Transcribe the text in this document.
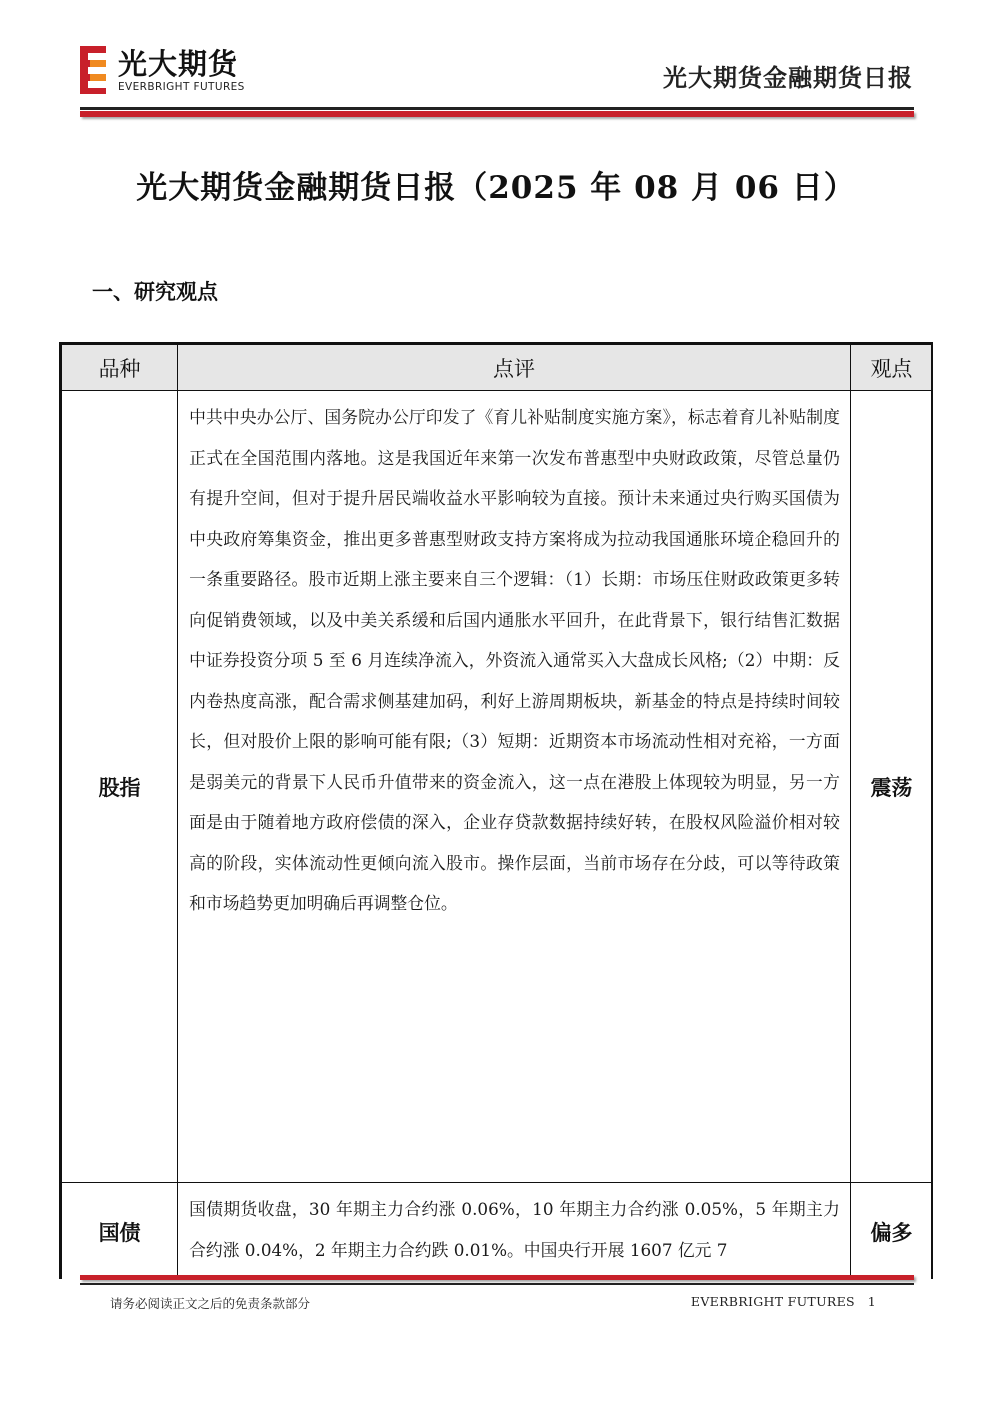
光大期货
EVERBRIGHT FUTURES	光大期货金融期货日报
光大期货金融期货日报（2025 年 08 月 06 日）
一、研究观点
品种	点评	观点
股指	中共中央办公厅、国务院办公厅印发了《育儿补贴制度实施方案》，标志着育儿补贴制度正式在全国范围内落地。这是我国近年来第一次发布普惠型中央财政政策，尽管总量仍有提升空间，但对于提升居民端收益水平影响较为直接。预计未来通过央行购买国债为中央政府筹集资金，推出更多普惠型财政支持方案将成为拉动我国通胀环境企稳回升的一条重要路径。股市近期上涨主要来自三个逻辑：（1）长期：市场压住财政政策更多转向促销费领域，以及中美关系缓和后国内通胀水平回升，在此背景下，银行结售汇数据中证券投资分项 5 至 6 月连续净流入，外资流入通常买入大盘成长风格;（2）中期：反内卷热度高涨，配合需求侧基建加码，利好上游周期板块，新基金的特点是持续时间较长，但对股价上限的影响可能有限;（3）短期：近期资本市场流动性相对充裕，一方面是弱美元的背景下人民币升值带来的资金流入，这一点在港股上体现较为明显，另一方面是由于随着地方政府偿债的深入，企业存贷款数据持续好转，在股权风险溢价相对较高的阶段，实体流动性更倾向流入股市。操作层面，当前市场存在分歧，可以等待政策和市场趋势更加明确后再调整仓位。	震荡
国债	国债期货收盘，30 年期主力合约涨 0.06%，10 年期主力合约涨 0.05%，5 年期主力合约涨 0.04%，2 年期主力合约跌 0.01%。中国央行开展 1607 亿元 7	偏多
请务必阅读正文之后的免责条款部分	EVERBRIGHT FUTURES 1
